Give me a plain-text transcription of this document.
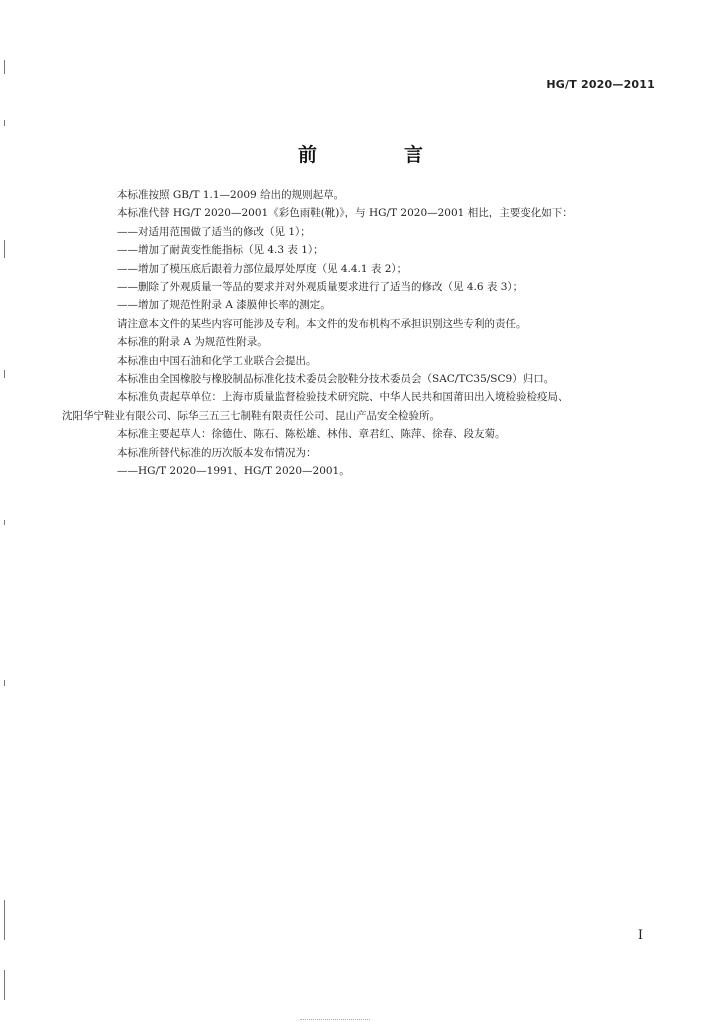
HG/T 2020—2011
前　言
本标准按照 GB/T 1.1—2009 给出的规则起草。
本标准代替 HG/T 2020—2001《彩色雨鞋(靴)》，与 HG/T 2020—2001 相比，主要变化如下：
——对适用范围做了适当的修改（见 1）；
——增加了耐黄变性能指标（见 4.3 表 1）；
——增加了模压底后跟着力部位最厚处厚度（见 4.4.1 表 2）；
——删除了外观质量一等品的要求并对外观质量要求进行了适当的修改（见 4.6 表 3）；
——增加了规范性附录 A 漆膜伸长率的测定。
请注意本文件的某些内容可能涉及专利。本文件的发布机构不承担识别这些专利的责任。
本标准的附录 A 为规范性附录。
本标准由中国石油和化学工业联合会提出。
本标准由全国橡胶与橡胶制品标准化技术委员会胶鞋分技术委员会（SAC/TC35/SC9）归口。
本标准负责起草单位：上海市质量监督检验技术研究院、中华人民共和国莆田出入境检验检疫局、
沈阳华宁鞋业有限公司、际华三五三七制鞋有限责任公司、昆山产品安全检验所。
本标准主要起草人：徐德仕、陈石、陈松雄、林伟、章君红、陈萍、徐春、段友菊。
本标准所替代标准的历次版本发布情况为：
——HG/T 2020—1991、HG/T 2020—2001。
I
